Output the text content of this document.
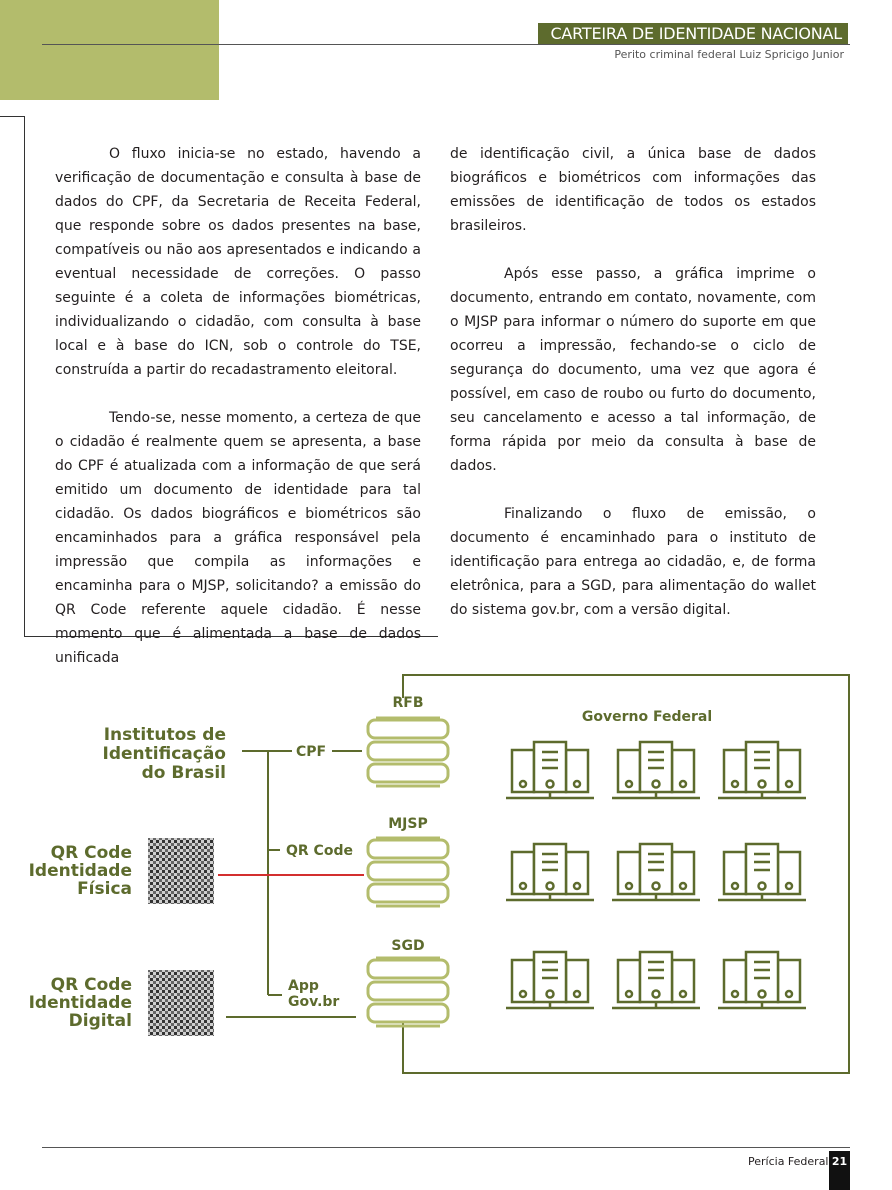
CARTEIRA DE IDENTIDADE NACIONAL
Perito criminal federal Luiz Spricigo Junior

O fluxo inicia-se no estado, havendo a verificação de documentação e consulta à base de dados do CPF, da Secretaria de Receita Federal, que responde sobre os dados presentes na base, compatíveis ou não aos apresentados e indicando a eventual necessidade de correções. O passo seguinte é a coleta de informações biométricas, individualizando o cidadão, com consulta à base local e à base do ICN, sob o controle do TSE, construída a partir do recadastramento eleitoral.

Tendo-se, nesse momento, a certeza de que o cidadão é realmente quem se apresenta, a base do CPF é atualizada com a informação de que será emitido um documento de identidade para tal cidadão. Os dados biográficos e biométricos são encaminhados para a gráfica responsável pela impressão que compila as informações e encaminha para o MJSP, solicitando? a emissão do QR Code referente aquele cidadão. É nesse momento que é alimentada a base de dados unificada

de identificação civil, a única base de dados biográficos e biométricos com informações das emissões de identificação de todos os estados brasileiros.

Após esse passo, a gráfica imprime o documento, entrando em contato, novamente, com o MJSP para informar o número do suporte em que ocorreu a impressão, fechando-se o ciclo de segurança do documento, uma vez que agora é possível, em caso de roubo ou furto do documento, seu cancelamento e acesso a tal informação, de forma rápida por meio da consulta à base de dados.

Finalizando o fluxo de emissão, o documento é encaminhado para o instituto de identificação para entrega ao cidadão, e, de forma eletrônica, para a SGD, para alimentação do wallet do sistema gov.br, com a versão digital.

Institutos de
Identificação
do Brasil
QR Code
Identidade
Física
QR Code
Identidade
Digital
CPF
QR Code
App
Gov.br
RFB
MJSP
SGD
Governo Federal
Perícia Federal 21
